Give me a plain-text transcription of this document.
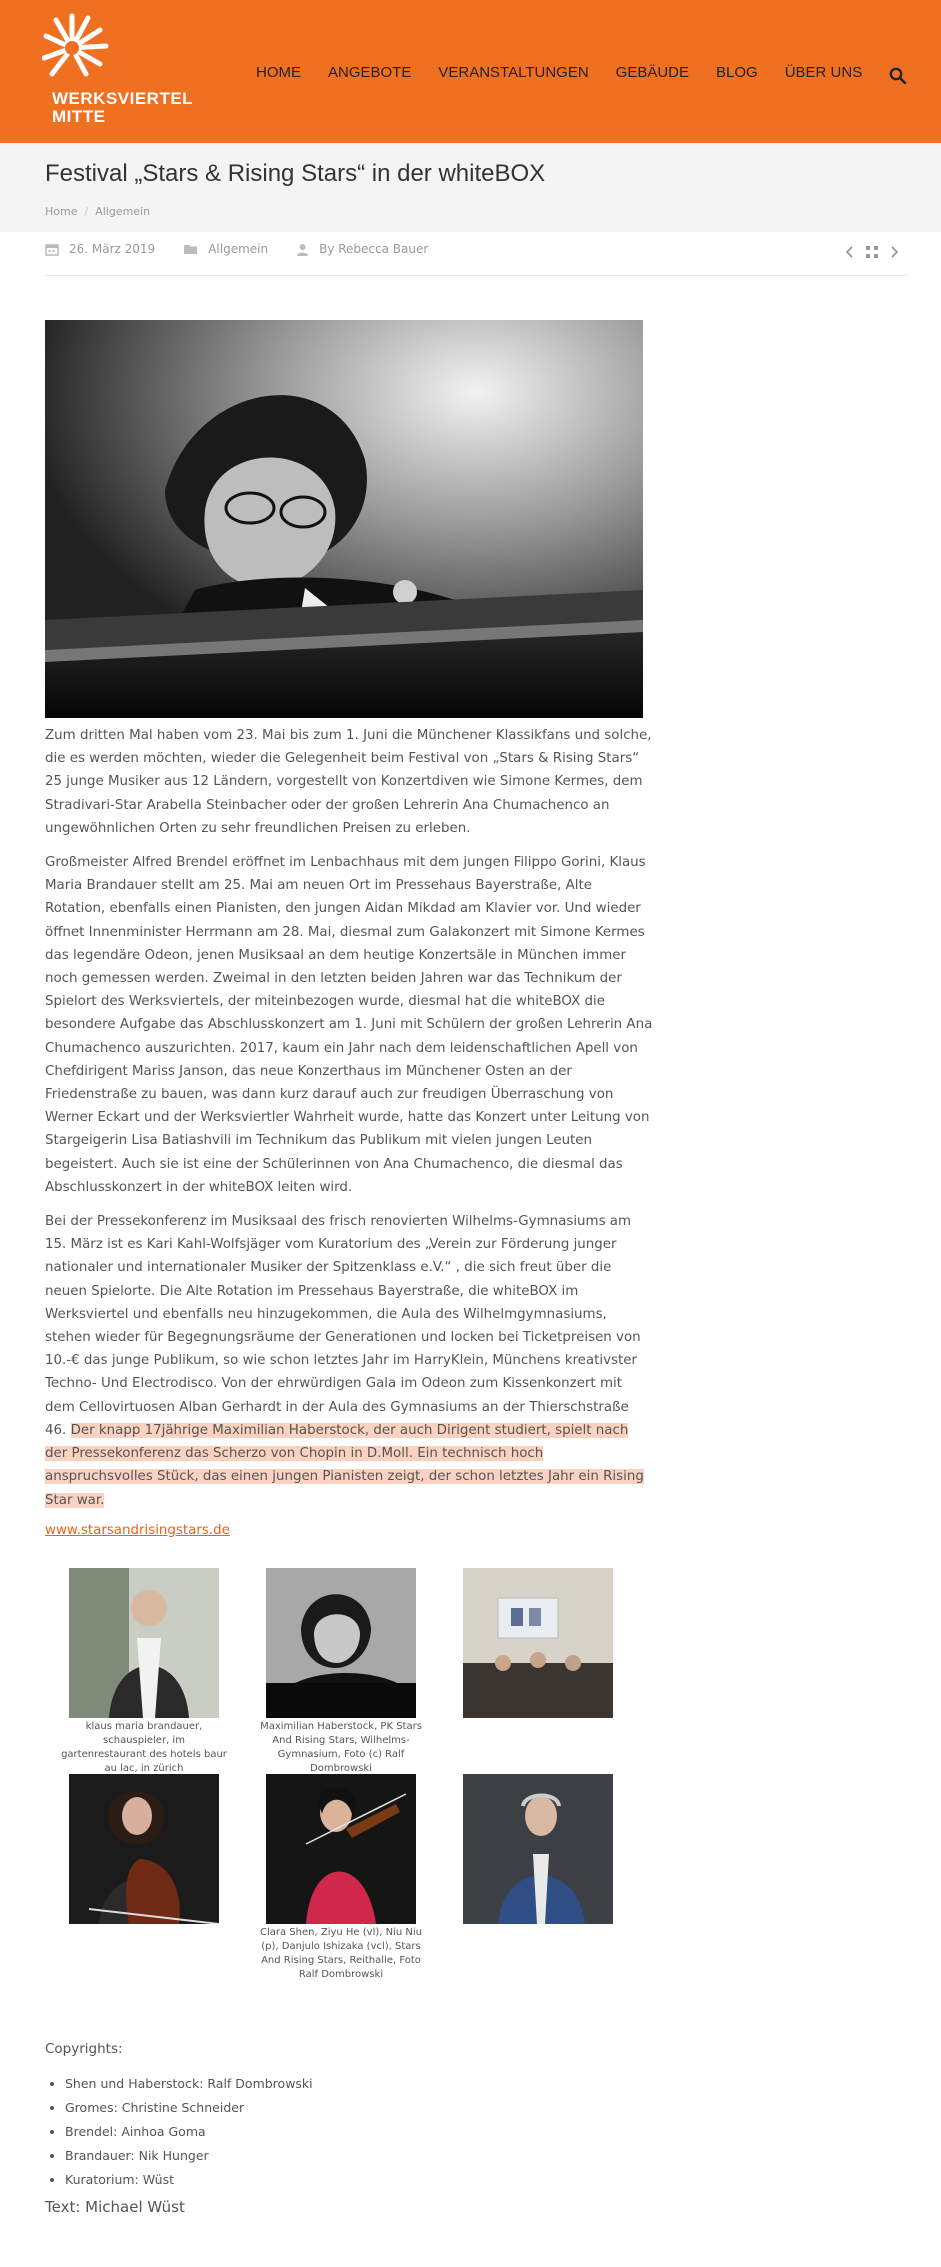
WERKSVIERTEL
MITTE
HOME ANGEBOTE VERANSTALTUNGEN GEBÄUDE BLOG ÜBER UNS
Festival „Stars & Rising Stars“ in der whiteBOX
Home / Allgemein
26. März 2019	Allgemein	By Rebecca Bauer

Zum dritten Mal haben vom 23. Mai bis zum 1. Juni die Münchener Klassikfans und solche, die es werden möchten, wieder die Gelegenheit beim Festival von „Stars & Rising Stars“ 25 junge Musiker aus 12 Ländern, vorgestellt von Konzertdiven wie Simone Kermes, dem Stradivari-Star Arabella Steinbacher oder der großen Lehrerin Ana Chumachenco an ungewöhnlichen Orten zu sehr freundlichen Preisen zu erleben.

Großmeister Alfred Brendel eröffnet im Lenbachhaus mit dem jungen Filippo Gorini, Klaus Maria Brandauer stellt am 25. Mai am neuen Ort im Pressehaus Bayerstraße, Alte Rotation, ebenfalls einen Pianisten, den jungen Aidan Mikdad am Klavier vor. Und wieder öffnet Innenminister Herrmann am 28. Mai, diesmal zum Galakonzert mit Simone Kermes das legendäre Odeon, jenen Musiksaal an dem heutige Konzertsäle in München immer noch gemessen werden. Zweimal in den letzten beiden Jahren war das Technikum der Spielort des Werksviertels, der miteinbezogen wurde, diesmal hat die whiteBOX die besondere Aufgabe das Abschlusskonzert am 1. Juni mit Schülern der großen Lehrerin Ana Chumachenco auszurichten. 2017, kaum ein Jahr nach dem leidenschaftlichen Apell von Chefdirigent Mariss Janson, das neue Konzerthaus im Münchener Osten an der Friedenstraße zu bauen, was dann kurz darauf auch zur freudigen Überraschung von Werner Eckart und der Werksviertler Wahrheit wurde, hatte das Konzert unter Leitung von Stargeigerin Lisa Batiashvili im Technikum das Publikum mit vielen jungen Leuten begeistert. Auch sie ist eine der Schülerinnen von Ana Chumachenco, die diesmal das Abschlusskonzert in der whiteBOX leiten wird.

Bei der Pressekonferenz im Musiksaal des frisch renovierten Wilhelms-Gymnasiums am 15. März ist es Kari Kahl-Wolfsjäger vom Kuratorium des „Verein zur Förderung junger nationaler und internationaler Musiker der Spitzenklass e.V.“ , die sich freut über die neuen Spielorte. Die Alte Rotation im Pressehaus Bayerstraße, die whiteBOX im Werksviertel und ebenfalls neu hinzugekommen, die Aula des Wilhelmgymnasiums, stehen wieder für Begegnungsräume der Generationen und locken bei Ticketpreisen von 10.-€ das junge Publikum, so wie schon letztes Jahr im HarryKlein, Münchens kreativster Techno- Und Electrodisco. Von der ehrwürdigen Gala im Odeon zum Kissenkonzert mit dem Cellovirtuosen Alban Gerhardt in der Aula des Gymnasiums an der Thierschstraße 46. Der knapp 17jährige Maximilian Haberstock, der auch Dirigent studiert, spielt nach der Pressekonferenz das Scherzo von Chopin in D.Moll. Ein technisch hoch anspruchsvolles Stück, das einen jungen Pianisten zeigt, der schon letztes Jahr ein Rising Star war.

www.starsandrisingstars.de

klaus maria brandauer, schauspieler, im gartenrestaurant des hotels baur au lac, in zürich
Maximilian Haberstock, PK Stars And Rising Stars, Wilhelms-Gymnasium, Foto (c) Ralf Dombrowski
Clara Shen, Ziyu He (vl), Niu Niu (p), Danjulo Ishizaka (vcl), Stars And Rising Stars, Reithalle, Foto Ralf Dombrowski
Copyrights:
• Shen und Haberstock: Ralf Dombrowski
• Gromes: Christine Schneider
• Brendel: Ainhoa Goma
• Brandauer: Nik Hunger
• Kuratorium: Wüst
Text: Michael Wüst
